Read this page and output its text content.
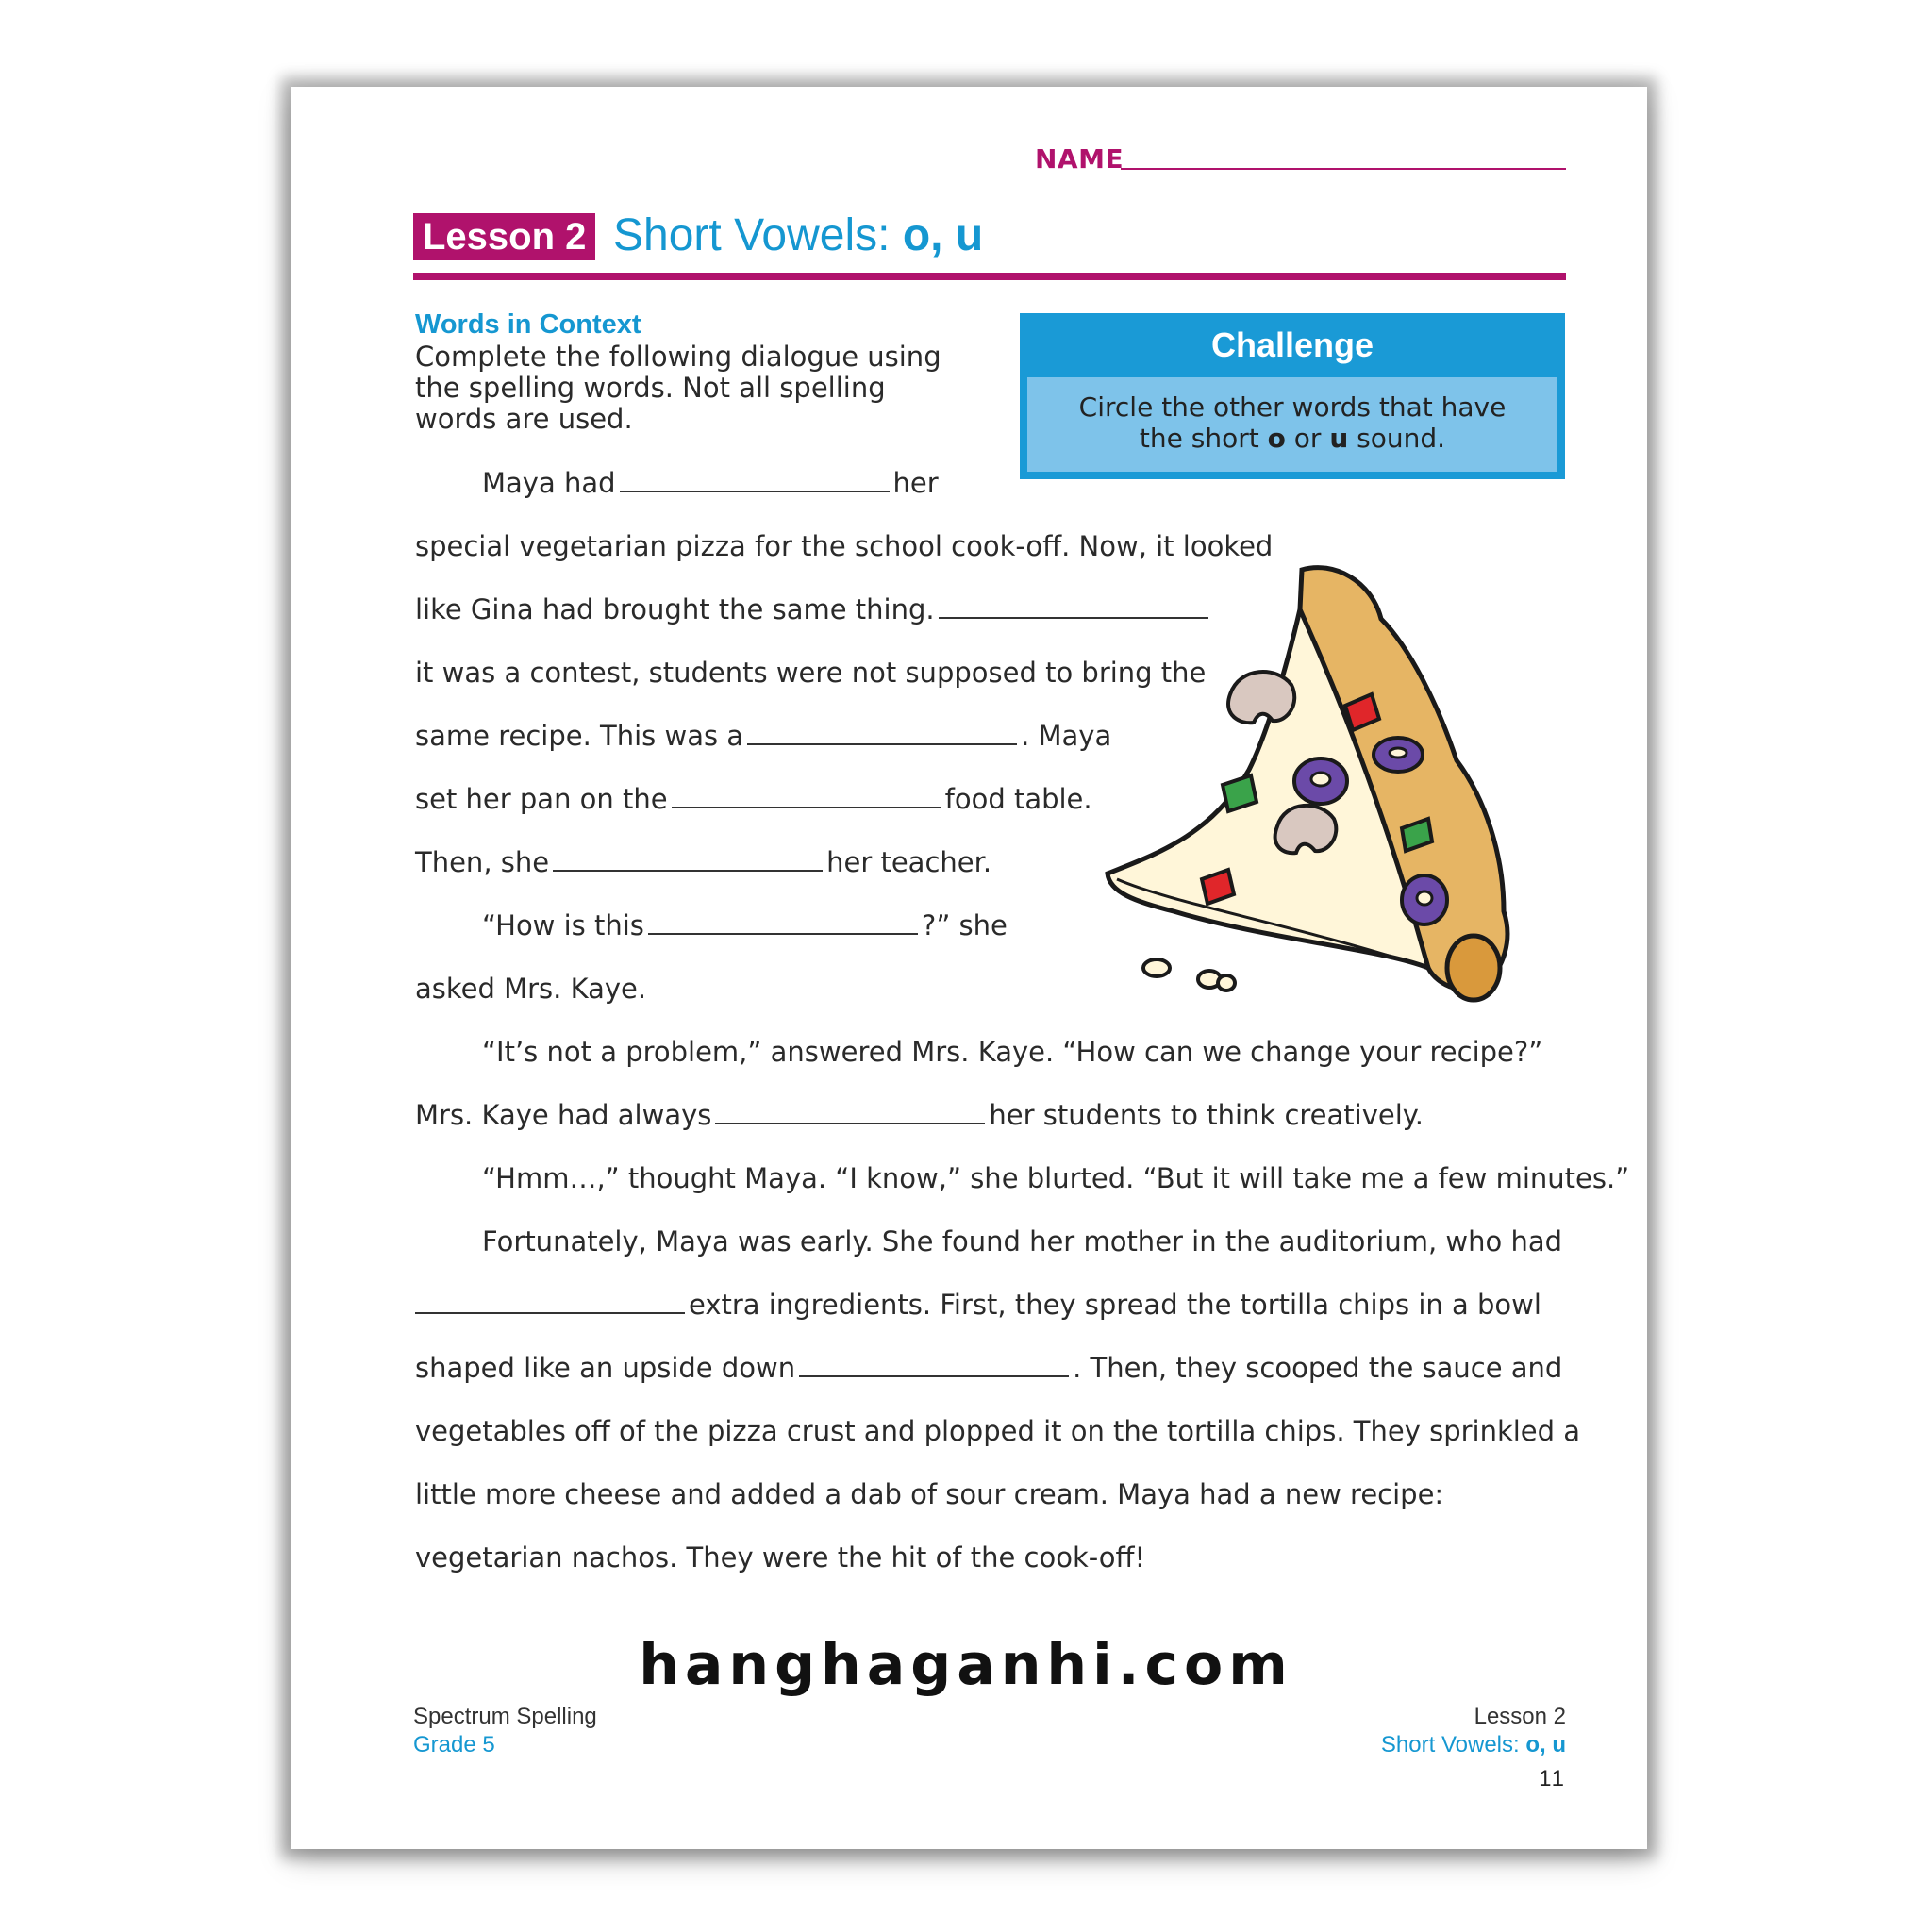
NAME
Lesson 2 Short Vowels: o, u
Words in Context
Complete the following dialogue using the spelling words. Not all spelling words are used.
Challenge
Circle the other words that have
the short o or u sound.
Maya had	her
special vegetarian pizza for the school cook-off. Now, it looked
like Gina had brought the same thing.
it was a contest, students were not supposed to bring the
same recipe. This was a	. Maya
set her pan on the	food table.
Then, she	her teacher.
“How is this	?” she
asked Mrs. Kaye.
“It’s not a problem,” answered Mrs. Kaye. “How can we change your recipe?”
Mrs. Kaye had always	her students to think creatively.
“Hmm…,” thought Maya. “I know,” she blurted. “But it will take me a few minutes.”
Fortunately, Maya was early. She found her mother in the auditorium, who had
extra ingredients. First, they spread the tortilla chips in a bowl
shaped like an upside down	. Then, they scooped the sauce and
vegetables off of the pizza crust and plopped it on the tortilla chips. They sprinkled a
little more cheese and added a dab of sour cream. Maya had a new recipe:
vegetarian nachos. They were the hit of the cook-off!
hanghaganhi.com
Spectrum Spelling
Grade 5
Lesson 2
Short Vowels: o, u
11
